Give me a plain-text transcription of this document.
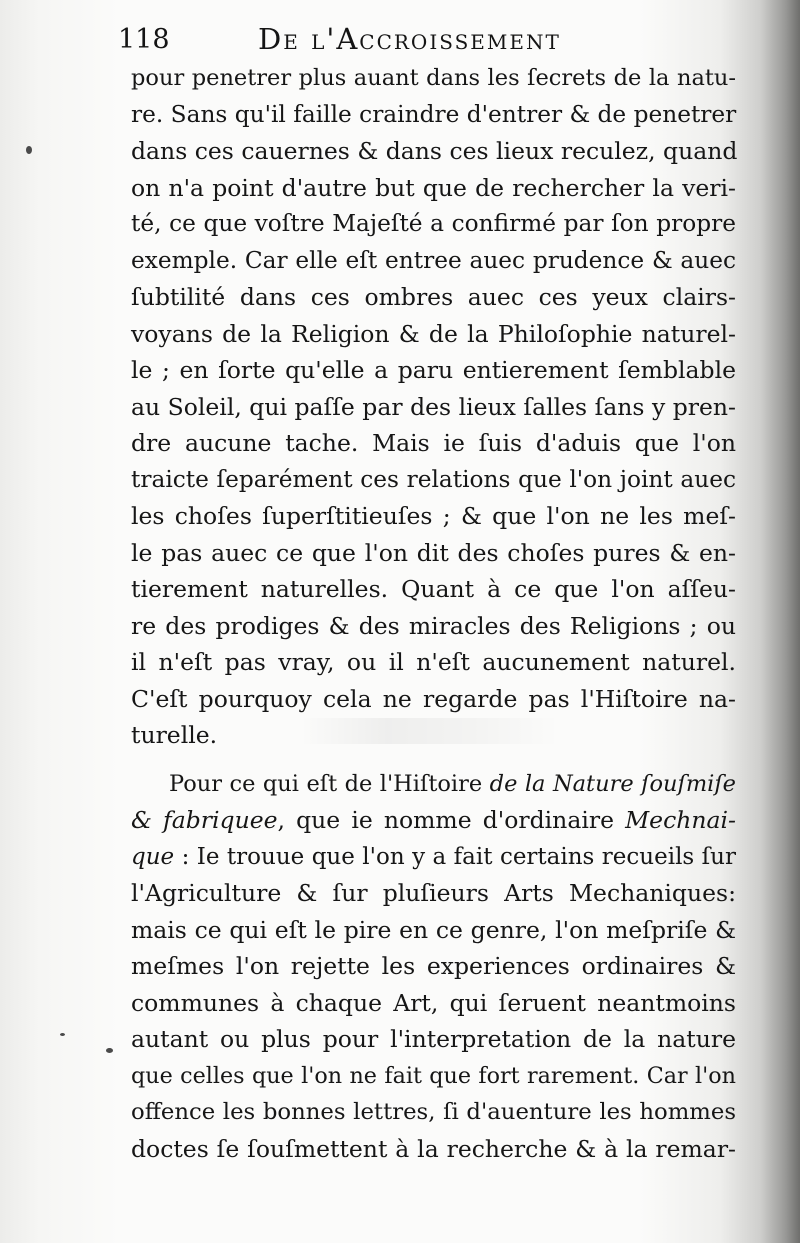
118	De l'Accroissement
pour penetrer plus auant dans les ſecrets de la natu-
re. Sans qu'il faille craindre d'entrer & de penetrer
dans ces cauernes & dans ces lieux reculez, quand
on n'a point d'autre but que de rechercher la veri-
té, ce que voſtre Majeſté a confirmé par ſon propre
exemple. Car elle eſt entree auec prudence & auec
ſubtilité dans ces ombres auec ces yeux clairs-
voyans de la Religion & de la Philoſophie naturel-
le ; en ſorte qu'elle a paru entierement ſemblable
au Soleil, qui paſſe par des lieux ſalles ſans y pren-
dre aucune tache. Mais ie ſuis d'aduis que l'on
traicte ſeparément ces relations que l'on joint auec
les choſes ſuperſtitieuſes ; & que l'on ne les meſ-
le pas auec ce que l'on dit des choſes pures & en-
tierement naturelles. Quant à ce que l'on aſſeu-
re des prodiges & des miracles des Religions ; ou
il n'eſt pas vray, ou il n'eſt aucunement naturel.
C'eſt pourquoy cela ne regarde pas l'Hiſtoire na-
turelle.
Pour ce qui eſt de l'Hiſtoire de la Nature ſouſmiſe
& fabriquee, que ie nomme d'ordinaire Mechnai-
que : Ie trouue que l'on y a fait certains recueils ſur
l'Agriculture & ſur pluſieurs Arts Mechaniques:
mais ce qui eſt le pire en ce genre, l'on meſpriſe &
meſmes l'on rejette les experiences ordinaires &
communes à chaque Art, qui ſeruent neantmoins
autant ou plus pour l'interpretation de la nature
que celles que l'on ne fait que fort rarement. Car l'on
offence les bonnes lettres, ſi d'auenture les hommes
doctes ſe ſouſmettent à la recherche & à la remar-
